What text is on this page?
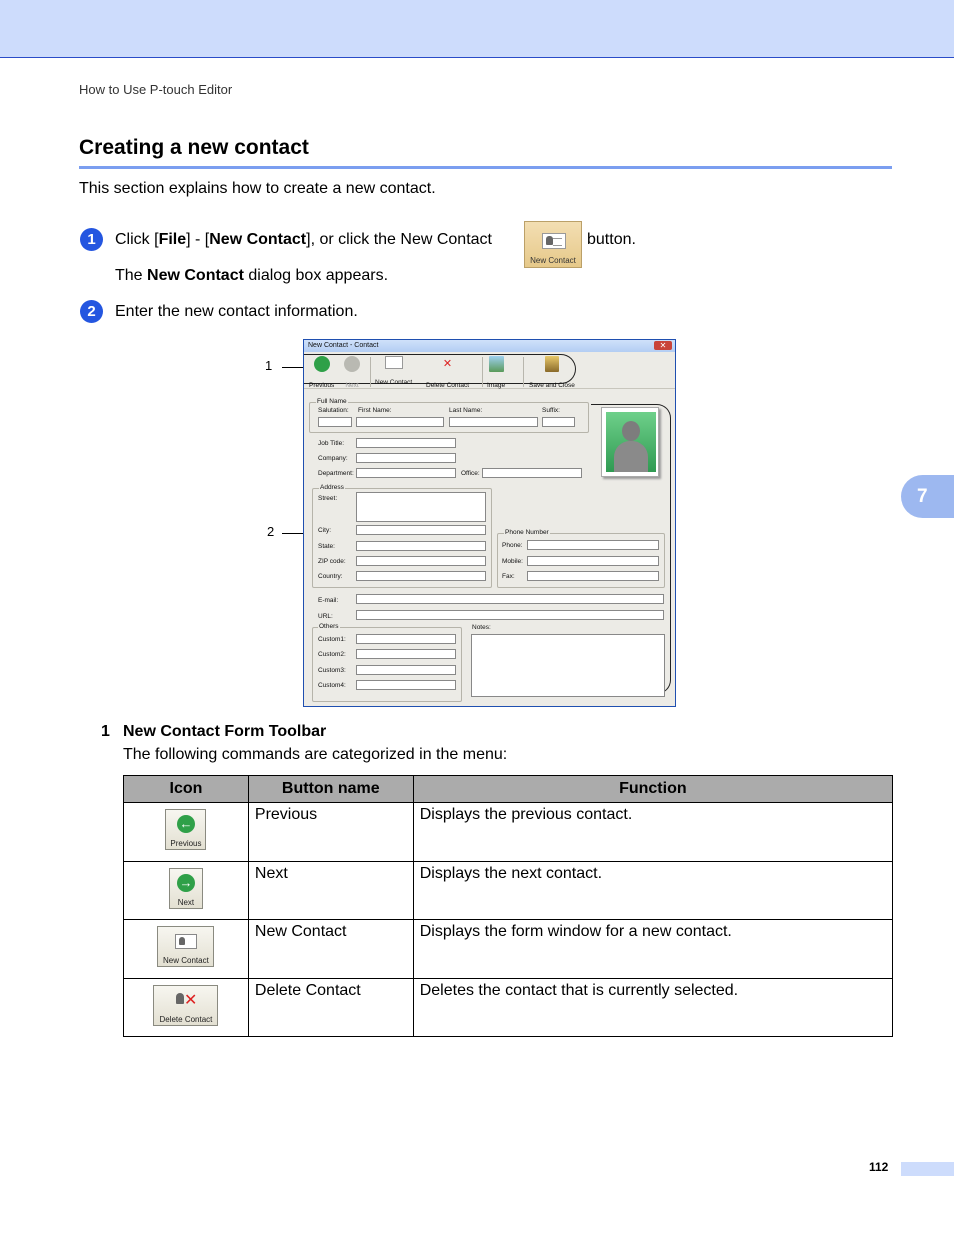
How to Use P-touch Editor
7
Creating a new contact
This section explains how to create a new contact.
1	Click [File] - [New Contact], or click the New Contact
New Contact
button.
The New Contact dialog box appears.
2	Enter the new contact information.
1
2
New Contact - Contact	✕
Previous Next	New Contact
✕
Delete Contact	Image	Save and Close
Full Name
Salutation: First Name:	Last Name:	Suffix:
Job Title:
Company:
Department:	Office:
Address
Street:
City:
State:
ZIP code:
Country:
Phone Number
Phone:
Mobile:
Fax:
E-mail:
URL:
Others
Custom1:
Custom2:
Custom3:
Custom4:
Notes:
1 New Contact Form Toolbar
The following commands are categorized in the menu:
Icon	Button name	Function

←
Previous	Previous	Displays the previous contact.

→
Next	Next	Displays the next contact.

New Contact	New Contact	Displays the form window for a new contact.

✕
Delete Contact	Delete Contact	Deletes the contact that is currently selected.
112
